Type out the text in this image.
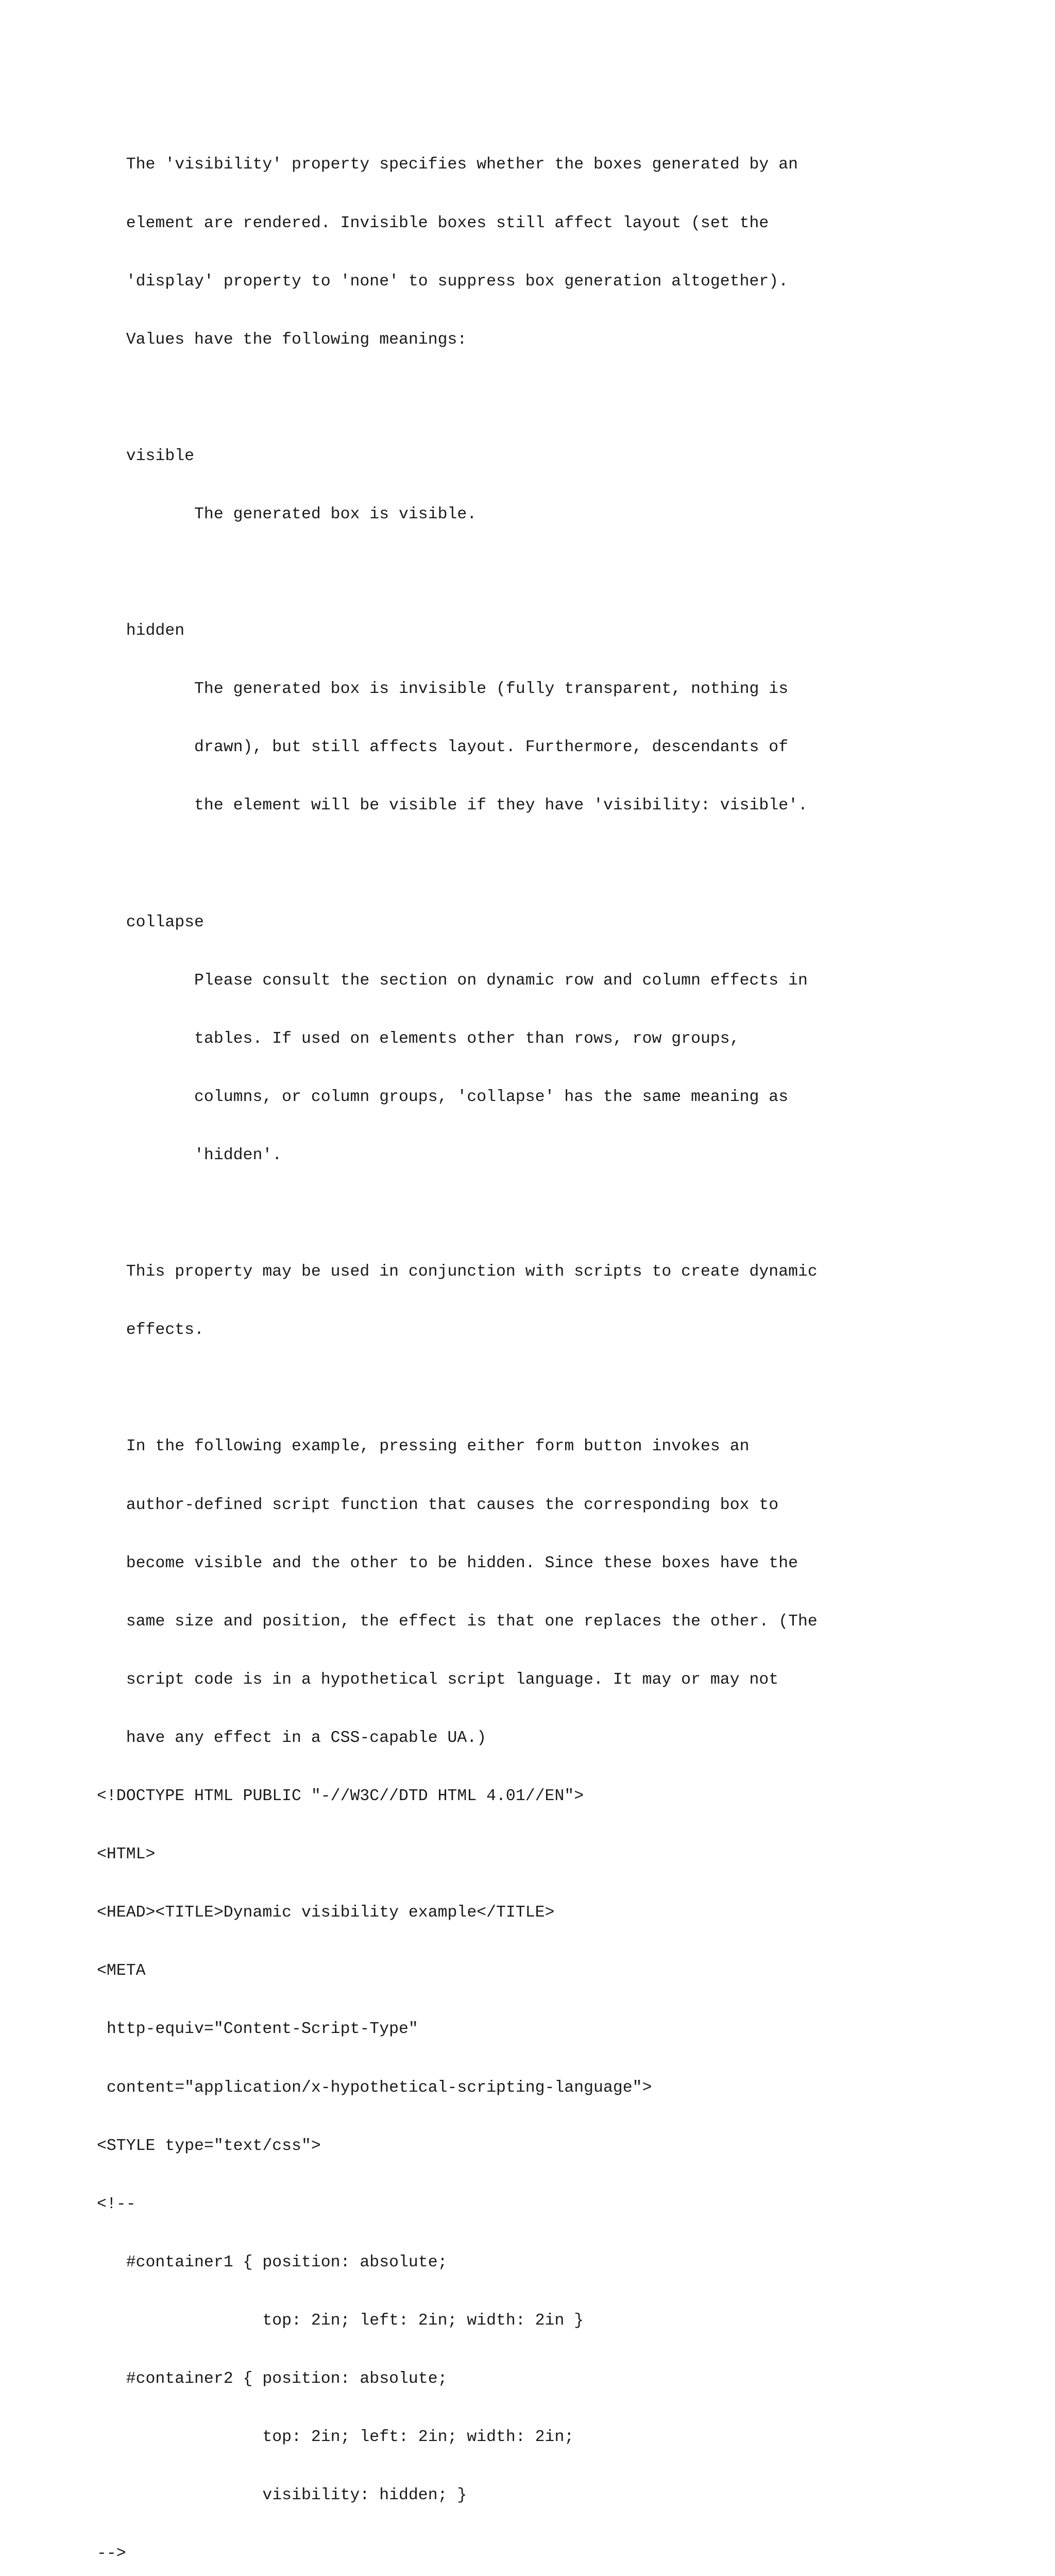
The 'visibility' property specifies whether the boxes generated by an

element are rendered. Invisible boxes still affect layout (set the

'display' property to 'none' to suppress box generation altogether).

Values have the following meanings:

visible

The generated box is visible.

hidden

The generated box is invisible (fully transparent, nothing is

drawn), but still affects layout. Furthermore, descendants of

the element will be visible if they have 'visibility: visible'.

collapse

Please consult the section on dynamic row and column effects in

tables. If used on elements other than rows, row groups,

columns, or column groups, 'collapse' has the same meaning as

'hidden'.

This property may be used in conjunction with scripts to create dynamic

effects.

In the following example, pressing either form button invokes an

author-defined script function that causes the corresponding box to

become visible and the other to be hidden. Since these boxes have the

same size and position, the effect is that one replaces the other. (The

script code is in a hypothetical script language. It may or may not

have any effect in a CSS-capable UA.)

<!DOCTYPE HTML PUBLIC "-//W3C//DTD HTML 4.01//EN">

<HTML>

<HEAD><TITLE>Dynamic visibility example</TITLE>

<META

http-equiv="Content-Script-Type"

content="application/x-hypothetical-scripting-language">

<STYLE type="text/css">

<!--

#container1 { position: absolute;

top: 2in; left: 2in; width: 2in }

#container2 { position: absolute;

top: 2in; left: 2in; width: 2in;

visibility: hidden; }

-->
